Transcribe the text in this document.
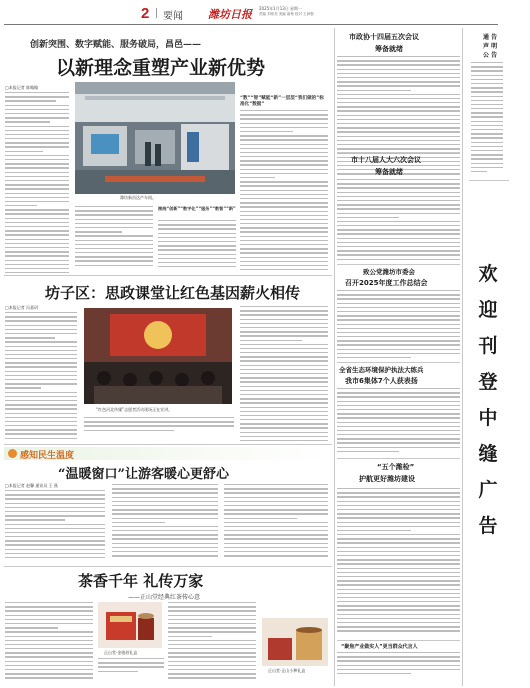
2 要闻 潍坊日报 2025年1月13日 星期一
责编 刘伟亮 美编 唐杨 校对 王润强
创新突围、数字赋能、服务破局，昌邑——
以新理念重塑产业新优势
□本报记者 陈翰翰
潍坊新昌达产车间。
“数”“智”赋能“新”一层层“我们做的”标准化“数据”
围绕“创新”“数字化”“服务”“数智”“新”
坊子区：思政课堂让红色基因薪火相传
□本报记者 冯嘉玥
“红色河北传媒”志愿者活动现场正在宣讲。
感知民生温度
“温暖窗口”让游客暖心更舒心
□本报记者 赵馨 通讯员 王 燕
茶香千年 礼传万家
——正山堂经典红茶传心意
正山堂·金骏眉礼盒
正山堂·正山小种礼盒
市政协十四届五次会议
筹备就绪
市十八届人大六次会议
筹备就绪
致公党潍坊市委会
召开2025年度工作总结会
全省生态环境保护执法大练兵
我市6集体7个人获表扬
“五个潍检”
护航更好潍坊建设
“聚焦产业做实人”更当群众代言人
通 告
声 明
公 告
欢迎刊登中缝广告
